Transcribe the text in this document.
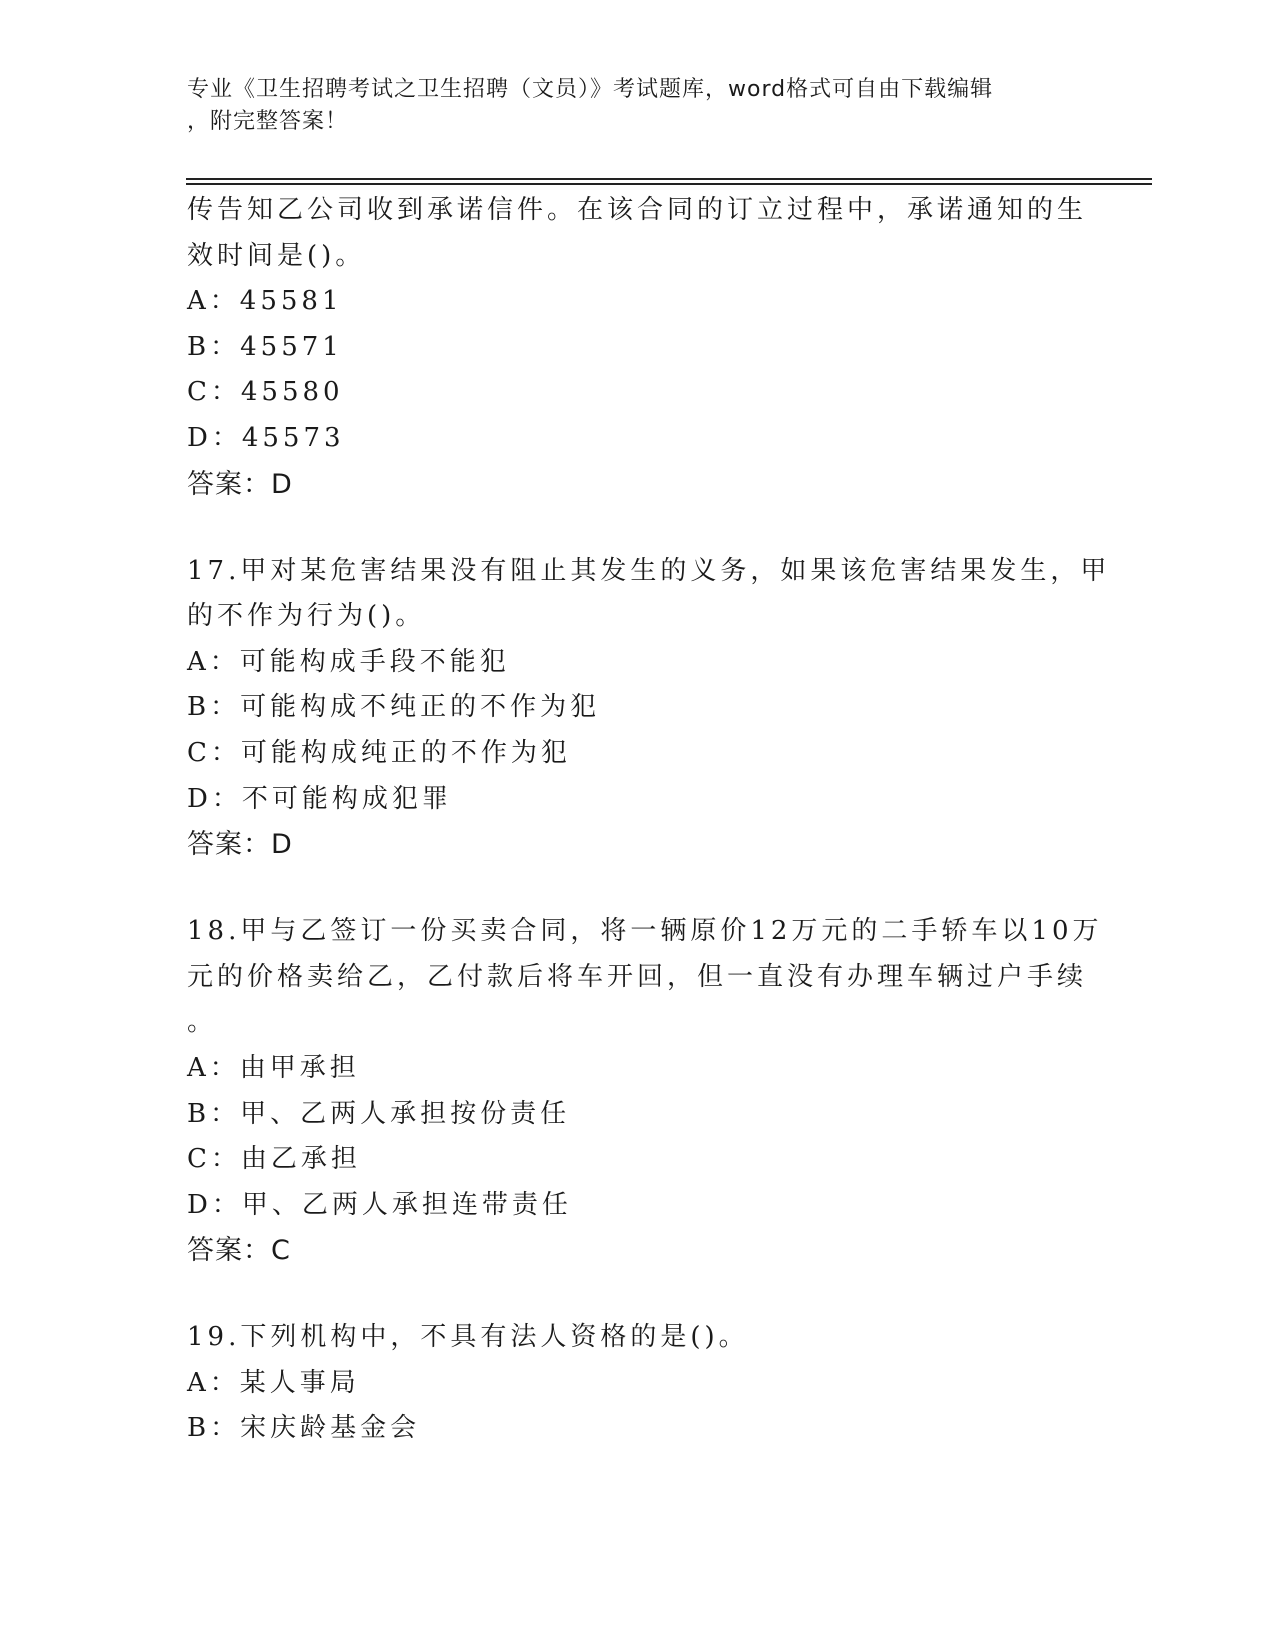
专业《卫生招聘考试之卫生招聘（文员）》考试题库，word格式可自由下载编辑
，附完整答案！
传告知乙公司收到承诺信件。在该合同的订立过程中，承诺通知的生
效时间是()。
A：45581
B：45571
C：45580
D：45573
答案：D
17.甲对某危害结果没有阻止其发生的义务，如果该危害结果发生，甲
的不作为行为()。
A：可能构成手段不能犯
B：可能构成不纯正的不作为犯
C：可能构成纯正的不作为犯
D：不可能构成犯罪
答案：D
18.甲与乙签订一份买卖合同，将一辆原价12万元的二手轿车以10万
元的价格卖给乙，乙付款后将车开回，但一直没有办理车辆过户手续
。
A：由甲承担
B：甲、乙两人承担按份责任
C：由乙承担
D：甲、乙两人承担连带责任
答案：C
19.下列机构中，不具有法人资格的是()。
A：某人事局
B：宋庆龄基金会
